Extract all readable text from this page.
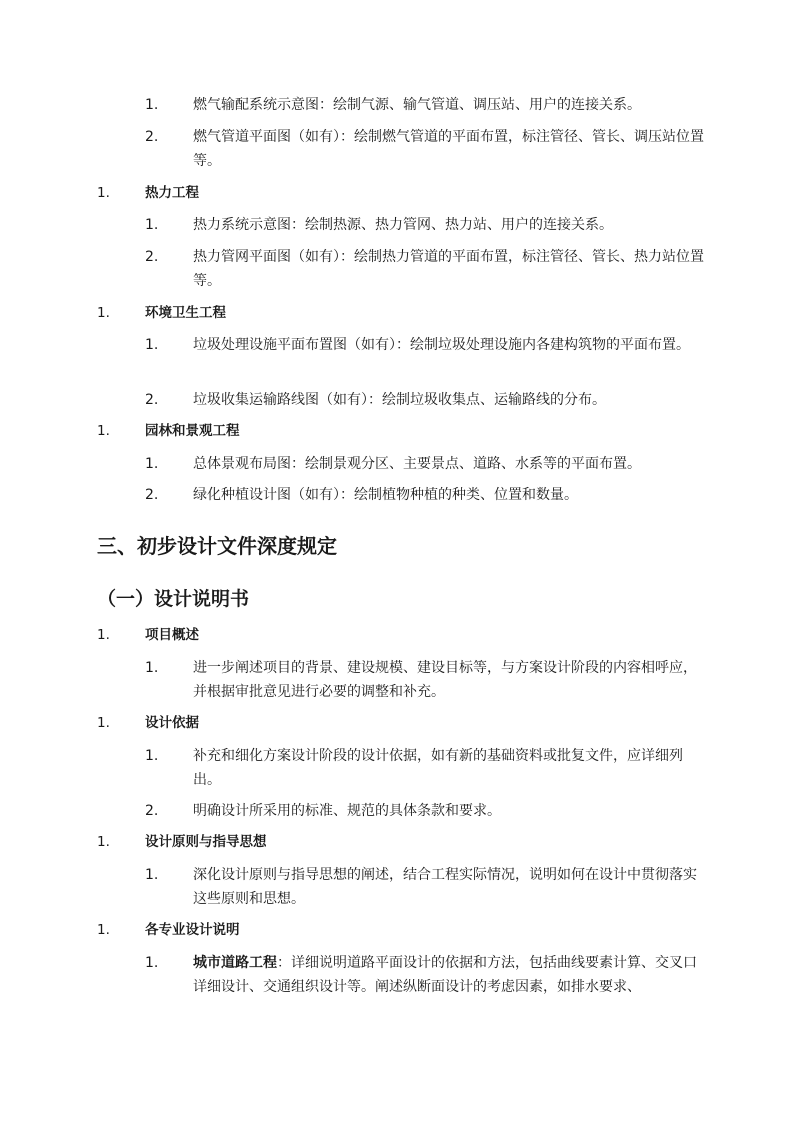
1. 燃气输配系统示意图：绘制气源、输气管道、调压站、用户的连接关系。
2. 燃气管道平面图（如有）：绘制燃气管道的平面布置，标注管径、管长、调压站位置等。
1.	热力工程
1. 热力系统示意图：绘制热源、热力管网、热力站、用户的连接关系。
2. 热力管网平面图（如有）：绘制热力管道的平面布置，标注管径、管长、热力站位置等。
1.	环境卫生工程
1. 垃圾处理设施平面布置图（如有）：绘制垃圾处理设施内各建构筑物的平面布置。
2. 垃圾收集运输路线图（如有）：绘制垃圾收集点、运输路线的分布。
1.	园林和景观工程
1. 总体景观布局图：绘制景观分区、主要景点、道路、水系等的平面布置。
2. 绿化种植设计图（如有）：绘制植物种植的种类、位置和数量。
三、初步设计文件深度规定
（一）设计说明书
1.	项目概述
1. 进一步阐述项目的背景、建设规模、建设目标等，与方案设计阶段的内容相呼应，并根据审批意见进行必要的调整和补充。
1.	设计依据
1. 补充和细化方案设计阶段的设计依据，如有新的基础资料或批复文件，应详细列出。
2. 明确设计所采用的标准、规范的具体条款和要求。
1.	设计原则与指导思想
1. 深化设计原则与指导思想的阐述，结合工程实际情况，说明如何在设计中贯彻落实这些原则和思想。
1.	各专业设计说明
1. 城市道路工程：详细说明道路平面设计的依据和方法，包括曲线要素计算、交叉口详细设计、交通组织设计等。阐述纵断面设计的考虑因素，如排水要求、
